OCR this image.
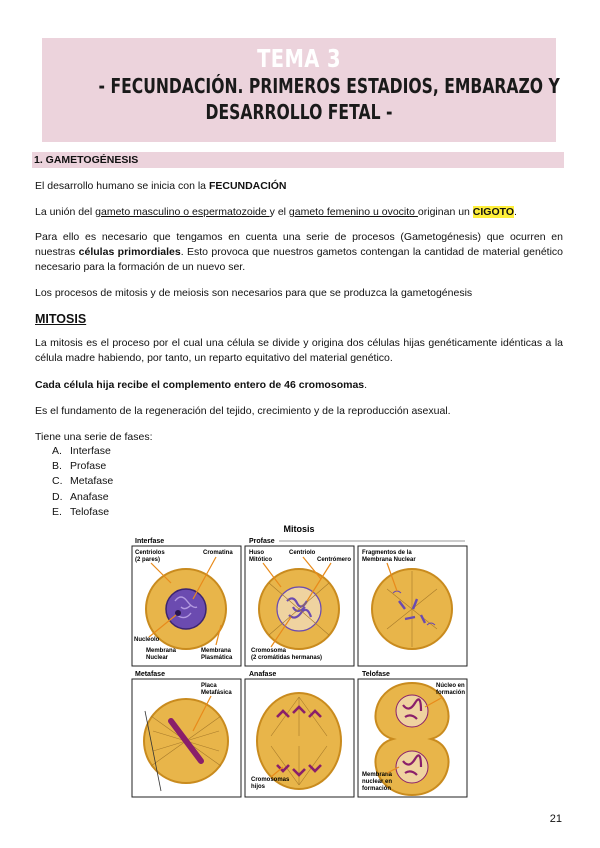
TEMA 3
- FECUNDACIÓN. PRIMEROS ESTADIOS, EMBARAZO Y
DESARROLLO FETAL -
1. GAMETOGÉNESIS
El desarrollo humano se inicia con la FECUNDACIÓN
La unión del gameto masculino o espermatozoide y el gameto femenino u ovocito originan un CIGOTO.
Para ello es necesario que tengamos en cuenta una serie de procesos (Gametogénesis) que ocurren en nuestras células primordiales. Esto provoca que nuestros gametos contengan la cantidad de material genético necesario para la formación de un nuevo ser.
Los procesos de mitosis y de meiosis son necesarios para que se produzca la gametogénesis
MITOSIS
La mitosis es el proceso por el cual una célula se divide y origina dos células hijas genéticamente idénticas a la célula madre habiendo, por tanto, un reparto equitativo del material genético.
Cada célula hija recibe el complemento entero de 46 cromosomas.
Es el fundamento de la regeneración del tejido, crecimiento y de la reproducción asexual.
Tiene una serie de fases:
A. Interfase
B. Profase
C. Metafase
D. Anafase
E. Telofase
Mitosis
Interfase	Profase
Centriolos
(2 pares)
Cromatina
Nucleolo
Membrana
Nuclear
Membrana
Plasmática
Huso
Mitótico
Centriolo
Centrómero
Cromosoma
(2 cromátidas hermanas)
Fragmentos de la
Membrana Nuclear
Metafase	Anafase	Telofase
Placa
Metafásica
Cromosomas
hijos
Núcleo en
formación
Membrana
nuclear en
formación
21
